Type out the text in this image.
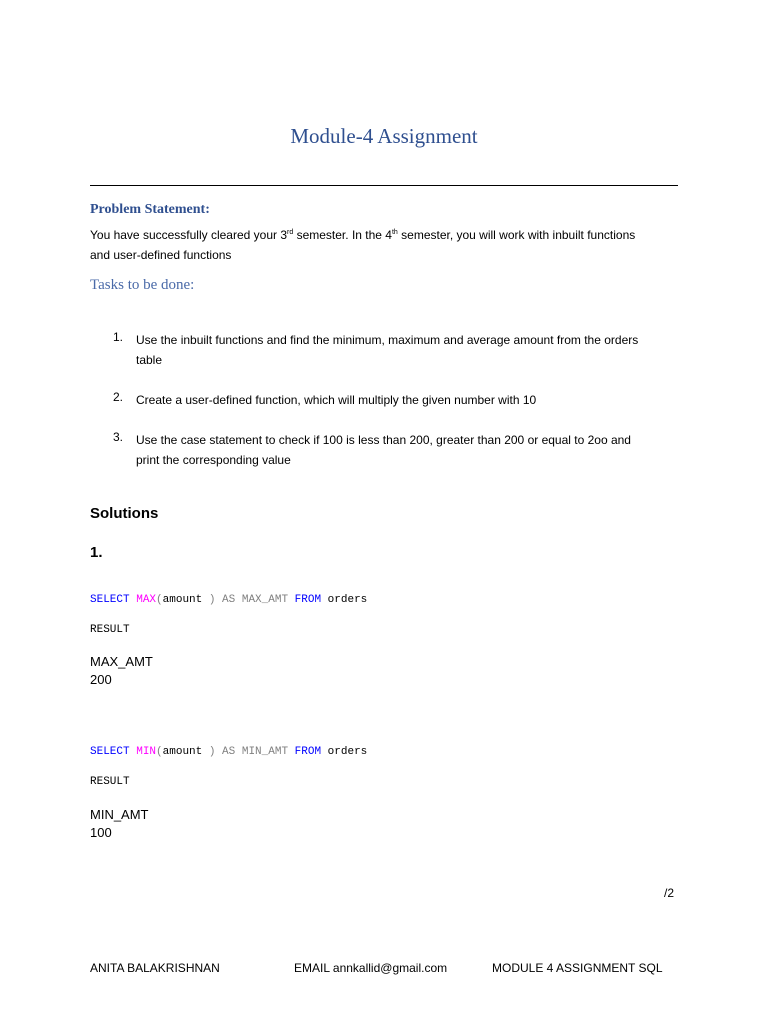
Module-4 Assignment
Problem Statement:
You have successfully cleared your 3rd semester. In the 4th semester, you will work with inbuilt functions
and user-defined functions
Tasks to be done:
1. Use the inbuilt functions and find the minimum, maximum and average amount from the orders
table
2. Create a user-defined function, which will multiply the given number with 10
3. Use the case statement to check if 100 is less than 200, greater than 200 or equal to 2oo and
print the corresponding value
Solutions
1.
SELECT MAX(amount ) AS MAX_AMT FROM orders
RESULT
MAX_AMT
200
SELECT MIN(amount ) AS MIN_AMT FROM orders
RESULT
MIN_AMT
100
/2
ANITA BALAKRISHNAN	EMAIL annkallid@gmail.com	MODULE 4 ASSIGNMENT SQL
